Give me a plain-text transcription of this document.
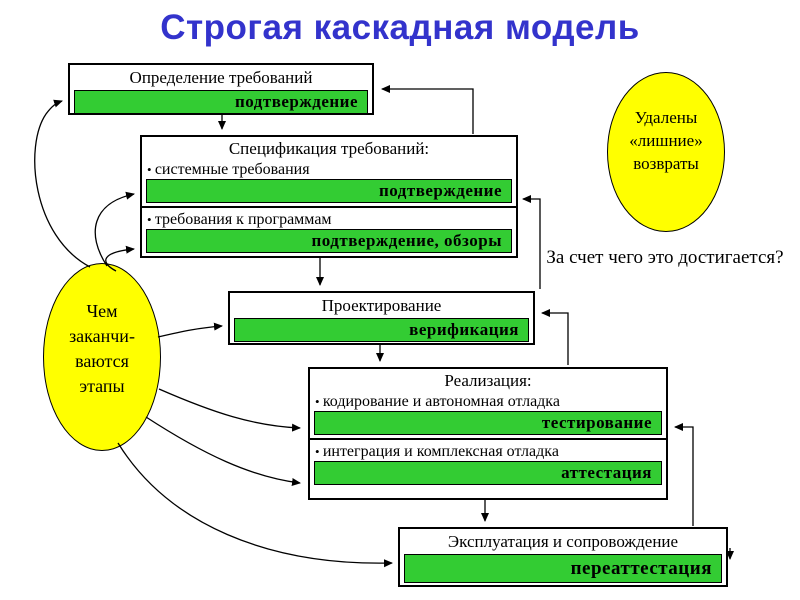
Строгая каскадная модель
Определение требований
подтверждение
Спецификация требований:
• системные требования
подтверждение
• требования к программам
подтверждение, обзоры
Проектирование
верификация
Реализация:
• кодирование и автономная отладка
тестирование
• интеграция и комплексная отладка
аттестация
Эксплуатация и сопровождение
переаттестация
Удалены
«лишние»
возвраты
Чем
заканчи-
ваются
этапы
За счет чего это достигается?
